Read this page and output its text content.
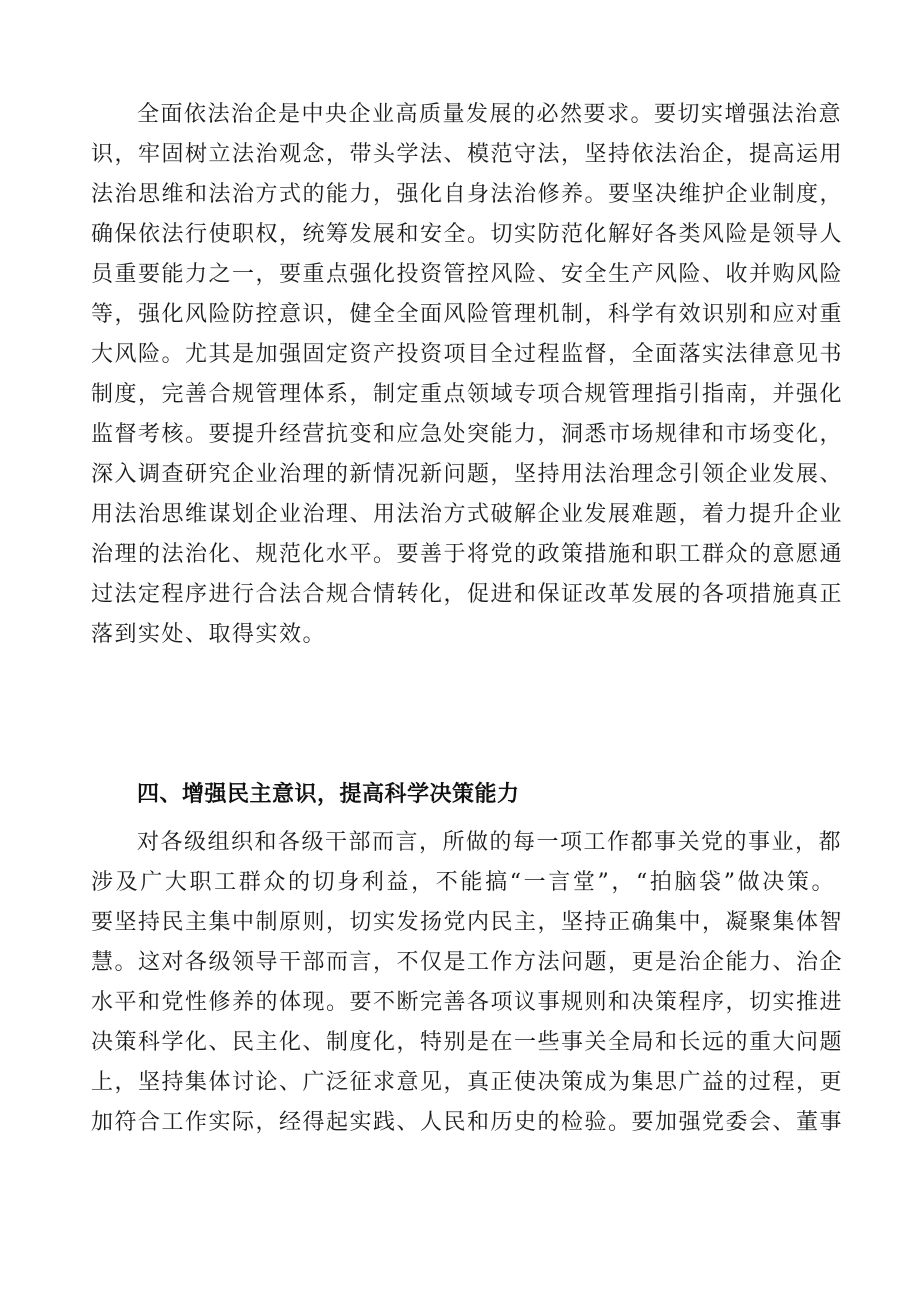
全面依法治企是中央企业高质量发展的必然要求。要切实增强法治意
识，牢固树立法治观念，带头学法、模范守法，坚持依法治企，提高运用
法治思维和法治方式的能力，强化自身法治修养。要坚决维护企业制度，
确保依法行使职权，统筹发展和安全。切实防范化解好各类风险是领导人
员重要能力之一，要重点强化投资管控风险、安全生产风险、收并购风险
等，强化风险防控意识，健全全面风险管理机制，科学有效识别和应对重
大风险。尤其是加强固定资产投资项目全过程监督，全面落实法律意见书
制度，完善合规管理体系，制定重点领域专项合规管理指引指南，并强化
监督考核。要提升经营抗变和应急处突能力，洞悉市场规律和市场变化，
深入调查研究企业治理的新情况新问题，坚持用法治理念引领企业发展、
用法治思维谋划企业治理、用法治方式破解企业发展难题，着力提升企业
治理的法治化、规范化水平。要善于将党的政策措施和职工群众的意愿通
过法定程序进行合法合规合情转化，促进和保证改革发展的各项措施真正
落到实处、取得实效。
四、增强民主意识，提高科学决策能力
对各级组织和各级干部而言，所做的每一项工作都事关党的事业，都
涉及广大职工群众的切身利益，不能搞“一言堂”，“拍脑袋”做决策。
要坚持民主集中制原则，切实发扬党内民主，坚持正确集中，凝聚集体智
慧。这对各级领导干部而言，不仅是工作方法问题，更是治企能力、治企
水平和党性修养的体现。要不断完善各项议事规则和决策程序，切实推进
决策科学化、民主化、制度化，特别是在一些事关全局和长远的重大问题
上，坚持集体讨论、广泛征求意见，真正使决策成为集思广益的过程，更
加符合工作实际，经得起实践、人民和历史的检验。要加强党委会、董事
